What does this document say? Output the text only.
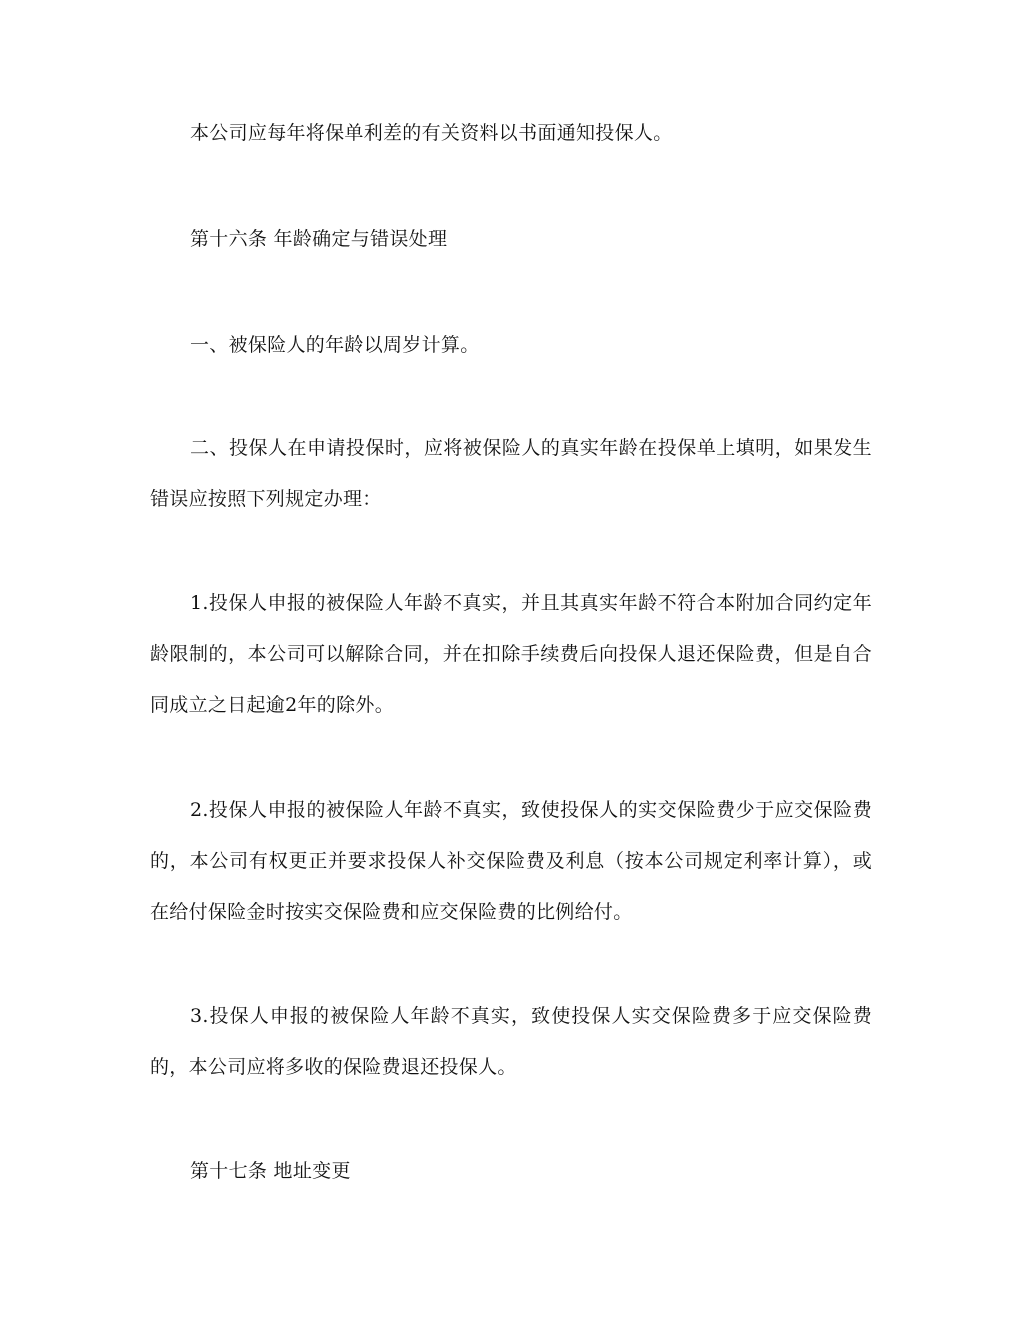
本公司应每年将保单利差的有关资料以书面通知投保人。

第十六条 年龄确定与错误处理

一、被保险人的年龄以周岁计算。

二、投保人在申请投保时，应将被保险人的真实年龄在投保单上填明，如果发生错误应按照下列规定办理：

1.投保人申报的被保险人年龄不真实，并且其真实年龄不符合本附加合同约定年龄限制的，本公司可以解除合同，并在扣除手续费后向投保人退还保险费，但是自合同成立之日起逾2年的除外。

2.投保人申报的被保险人年龄不真实，致使投保人的实交保险费少于应交保险费的，本公司有权更正并要求投保人补交保险费及利息（按本公司规定利率计算），或在给付保险金时按实交保险费和应交保险费的比例给付。

3.投保人申报的被保险人年龄不真实，致使投保人实交保险费多于应交保险费的，本公司应将多收的保险费退还投保人。

第十七条 地址变更
